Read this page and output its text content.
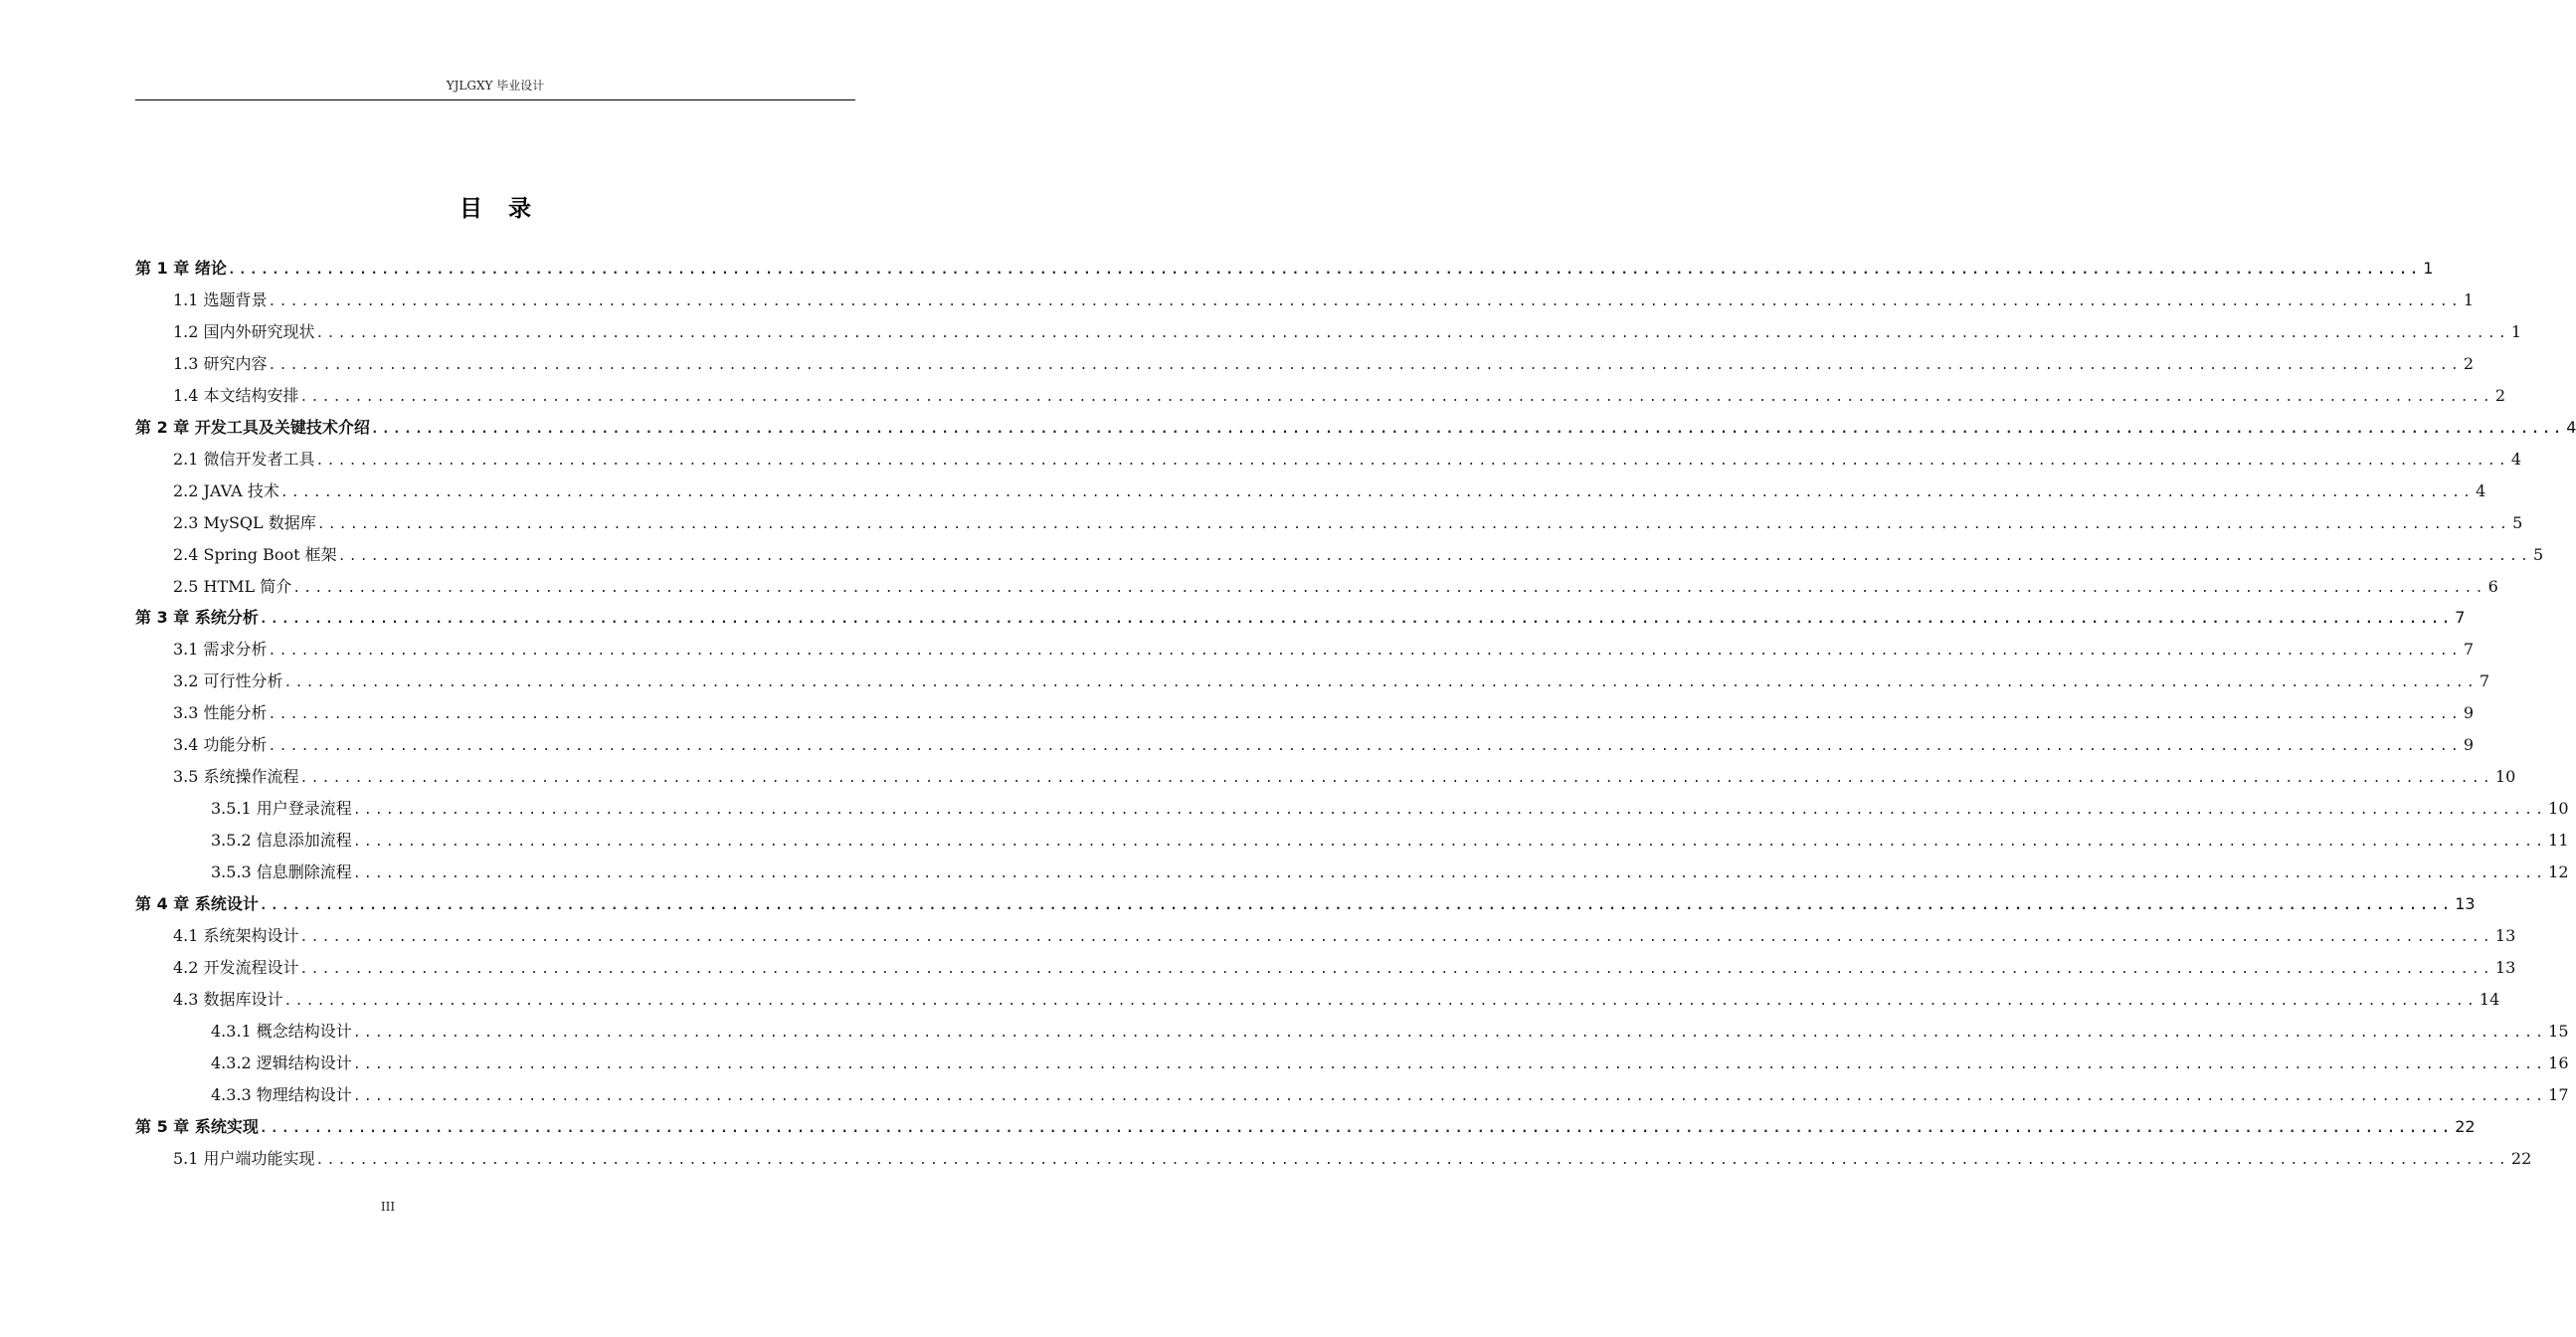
YJLGXY 毕业设计
目录
第 1 章 绪论 ........................................................................................................................................................................................................ 1
1.1 选题背景 ........................................................................................................................................................................................................ 1
1.2 国内外研究现状 ........................................................................................................................................................................................................ 1
1.3 研究内容 ........................................................................................................................................................................................................ 2
1.4 本文结构安排 ........................................................................................................................................................................................................ 2
第 2 章 开发工具及关键技术介绍 ........................................................................................................................................................................................................ 4
2.1 微信开发者工具 ........................................................................................................................................................................................................ 4
2.2 JAVA 技术 ........................................................................................................................................................................................................ 4
2.3 MySQL 数据库 ........................................................................................................................................................................................................ 5
2.4 Spring Boot 框架 ........................................................................................................................................................................................................ 5
2.5 HTML 简介 ........................................................................................................................................................................................................ 6
第 3 章 系统分析 ........................................................................................................................................................................................................ 7
3.1 需求分析 ........................................................................................................................................................................................................ 7
3.2 可行性分析 ........................................................................................................................................................................................................ 7
3.3 性能分析 ........................................................................................................................................................................................................ 9
3.4 功能分析 ........................................................................................................................................................................................................ 9
3.5 系统操作流程 ........................................................................................................................................................................................................ 10
3.5.1 用户登录流程 ........................................................................................................................................................................................................ 10
3.5.2 信息添加流程 ........................................................................................................................................................................................................ 11
3.5.3 信息删除流程 ........................................................................................................................................................................................................ 12
第 4 章 系统设计 ........................................................................................................................................................................................................ 13
4.1 系统架构设计 ........................................................................................................................................................................................................ 13
4.2 开发流程设计 ........................................................................................................................................................................................................ 13
4.3 数据库设计 ........................................................................................................................................................................................................ 14
4.3.1 概念结构设计 ........................................................................................................................................................................................................ 15
4.3.2 逻辑结构设计 ........................................................................................................................................................................................................ 16
4.3.3 物理结构设计 ........................................................................................................................................................................................................ 17
第 5 章 系统实现 ........................................................................................................................................................................................................ 22
5.1 用户端功能实现 ........................................................................................................................................................................................................ 22
III
